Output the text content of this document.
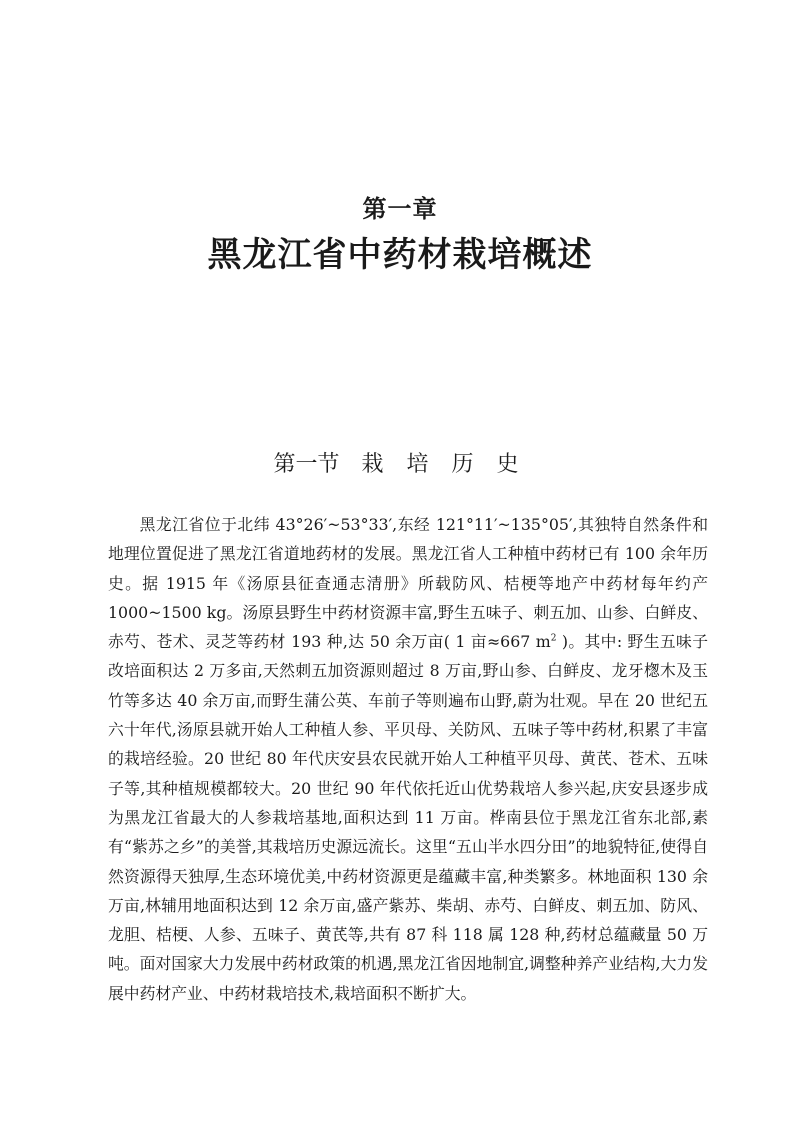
第一章
黑龙江省中药材栽培概述
第一节 栽 培 历 史

黑龙江省位于北纬 43°26′~53°33′,东经 121°11′~135°05′,其独特自然条件和地理位置促进了黑龙江省道地药材的发展。黑龙江省人工种植中药材已有 100 余年历史。据 1915 年《汤原县征查通志清册》所载防风、桔梗等地产中药材每年约产 1000~1500 kg。汤原县野生中药材资源丰富,野生五味子、刺五加、山参、白鲜皮、赤芍、苍术、灵芝等药材 193 种,达 50 余万亩( 1 亩≈667 $m^2$ )。其中: 野生五味子改培面积达 2 万多亩,天然刺五加资源则超过 8 万亩,野山参、白鲜皮、龙牙楤木及玉竹等多达 40 余万亩,而野生蒲公英、车前子等则遍布山野,蔚为壮观。早在 20 世纪五六十年代,汤原县就开始人工种植人参、平贝母、关防风、五味子等中药材,积累了丰富的栽培经验。20 世纪 80 年代庆安县农民就开始人工种植平贝母、黄芪、苍术、五味子等,其种植规模都较大。20 世纪 90 年代依托近山优势栽培人参兴起,庆安县逐步成为黑龙江省最大的人参栽培基地,面积达到 11 万亩。桦南县位于黑龙江省东北部,素有“紫苏之乡”的美誉,其栽培历史源远流长。这里“五山半水四分田”的地貌特征,使得自然资源得天独厚,生态环境优美,中药材资源更是蕴藏丰富,种类繁多。林地面积 130 余万亩,林辅用地面积达到 12 余万亩,盛产紫苏、柴胡、赤芍、白鲜皮、刺五加、防风、龙胆、桔梗、人参、五味子、黄芪等,共有 87 科 118 属 128 种,药材总蕴藏量 50 万吨。面对国家大力发展中药材政策的机遇,黑龙江省因地制宜,调整种养产业结构,大力发展中药材产业、中药材栽培技术,栽培面积不断扩大。
